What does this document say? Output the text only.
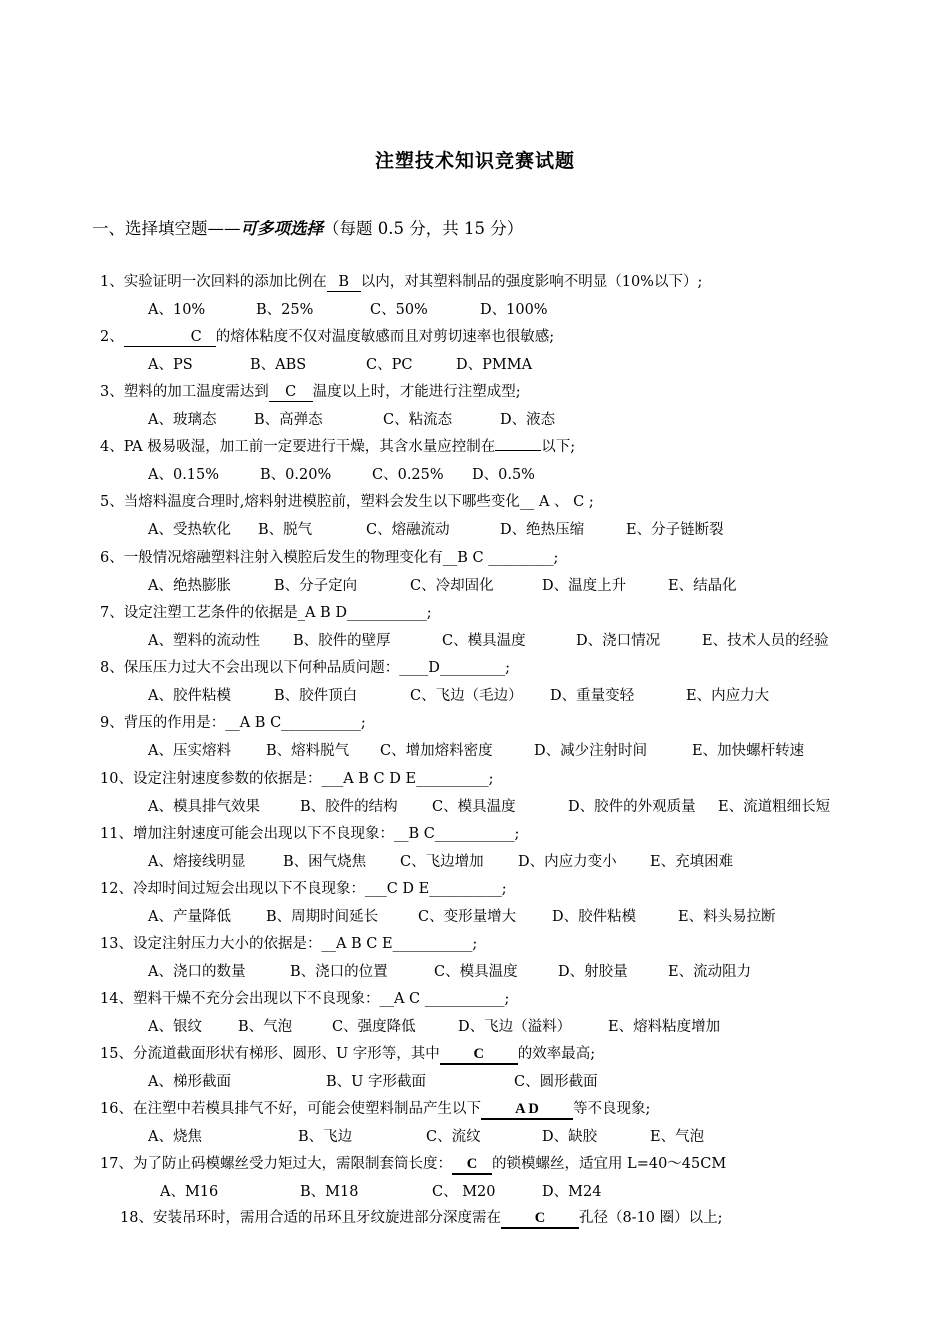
注塑技术知识竞赛试题
一、选择填空题——可多项选择（每题 0.5 分，共 15 分）
1、实验证明一次回料的添加比例在 B 以内，对其塑料制品的强度影响不明显（10%以下）;
A、10%	B、25%	C、50%	D、100%
2、	C 的熔体粘度不仅对温度敏感而且对剪切速率也很敏感;
A、PS	B、ABS	C、PC	D、PMMA
3、塑料的加工温度需达到 C 温度以上时，才能进行注塑成型;
A、玻璃态	B、高弹态	C、粘流态	D、液态
4、PA 极易吸湿，加工前一定要进行干燥，其含水量应控制在	以下;
A、0.15%	B、0.20%	C、0.25% D、0.5%
5、当熔料温度合理时,熔料射进模腔前，塑料会发生以下哪些变化__ A 、 C ;
A、受热软化 B、脱气	C、熔融流动	D、绝热压缩	E、分子链断裂
6、一般情况熔融塑料注射入模腔后发生的物理变化有__B C _________;
A、绝热膨胀	B、分子定向	C、冷却固化	D、温度上升	E、结晶化
7、设定注塑工艺条件的依据是_A B D___________;
A、塑料的流动性 B、胶件的壁厚	C、模具温度	D、浇口情况	E、技术人员的经验
8、保压压力过大不会出现以下何种品质问题：____D_________;
A、胶件粘模	B、胶件顶白	C、飞边（毛边） D、重量变轻	E、内应力大
9、背压的作用是：__A B C___________;
A、压实熔料 B、熔料脱气 C、增加熔料密度	D、减少注射时间	E、加快螺杆转速
10、设定注射速度参数的依据是：___A B C D E__________;
A、模具排气效果	B、胶件的结构 C、模具温度	D、胶件的外观质量 E、流道粗细长短
11、增加注射速度可能会出现以下不良现象：__B C___________;
A、熔接线明显	B、困气烧焦 C、飞边增加 D、内应力变小 E、充填困难
12、冷却时间过短会出现以下不良现象：___C D E__________;
A、产量降低 B、周期时间延长	C、变形量增大 D、胶件粘模	E、料头易拉断
13、设定注射压力大小的依据是：__A B C E___________;
A、浇口的数量	B、浇口的位置	C、模具温度	D、射胶量	E、流动阻力
14、塑料干燥不充分会出现以下不良现象：__A C ___________;
A、银纹 B、气泡	C、强度降低	D、飞边（溢料）	E、熔料粘度增加
15、分流道截面形状有梯形、圆形、U 字形等，其中 C 的效率最高;
A、梯形截面	B、U 字形截面	C、圆形截面
16、在注塑中若模具排气不好，可能会使塑料制品产生以下 A D 等不良现象;
A、烧焦	B、飞边	C、流纹	D、缺胶	E、气泡
17、为了防止码模螺丝受力矩过大，需限制套筒长度： C 的锁模螺丝，适宜用 L=40～45CM
A、M16	B、M18	C、 M20	D、M24
18、安装吊环时，需用合适的吊环且牙纹旋进部分深度需在 C 孔径（8-10 圈）以上;
